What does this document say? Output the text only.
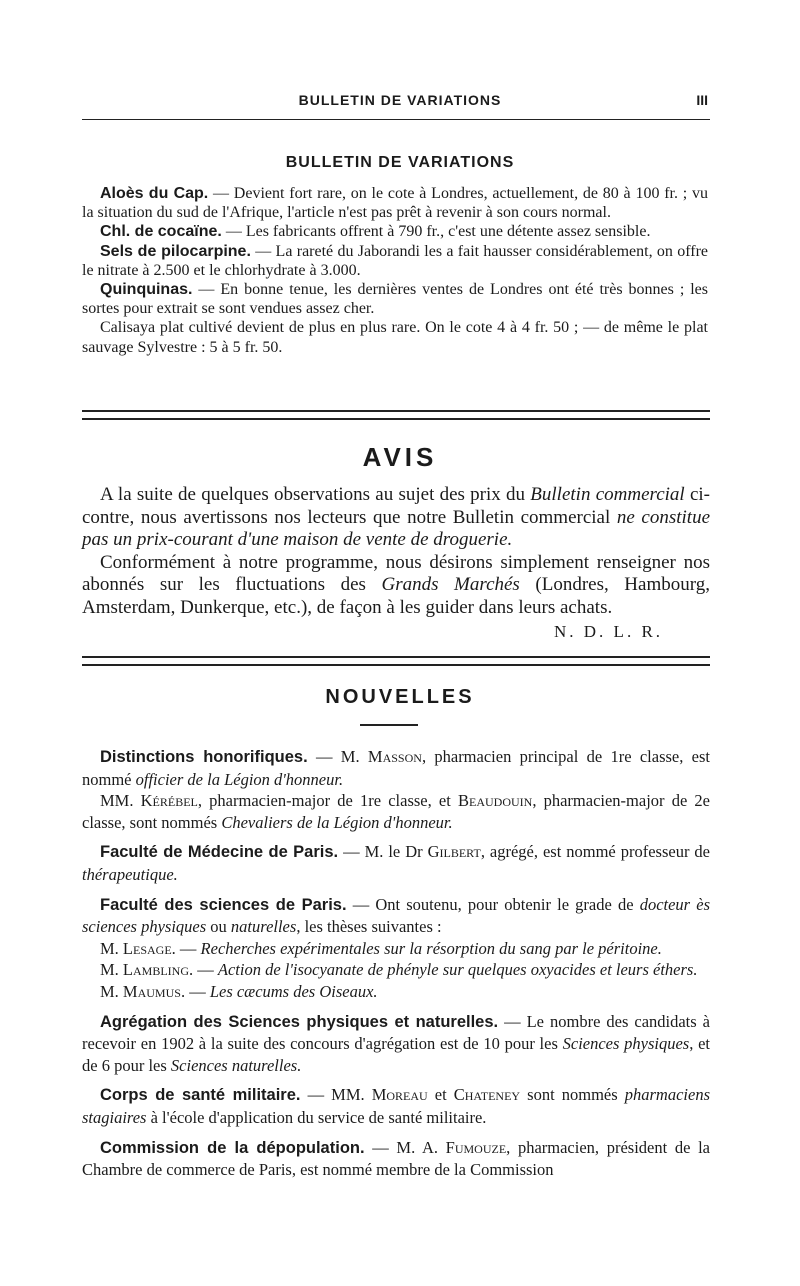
BULLETIN DE VARIATIONS	III
BULLETIN DE VARIATIONS

Aloès du Cap. — Devient fort rare, on le cote à Londres, actuellement, de 80 à 100 fr. ; vu la situation du sud de l'Afrique, l'article n'est pas prêt à revenir à son cours normal.

Chl. de cocaïne. — Les fabricants offrent à 790 fr., c'est une détente assez sensible.

Sels de pilocarpine. — La rareté du Jaborandi les a fait hausser considérablement, on offre le nitrate à 2.500 et le chlorhydrate à 3.000.

Quinquinas. — En bonne tenue, les dernières ventes de Londres ont été très bonnes ; les sortes pour extrait se sont vendues assez cher.

Calisaya plat cultivé devient de plus en plus rare. On le cote 4 à 4 fr. 50 ; — de même le plat sauvage Sylvestre : 5 à 5 fr. 50.

AVIS

A la suite de quelques observations au sujet des prix du Bulletin commercial ci-contre, nous avertissons nos lecteurs que notre Bulletin commercial ne constitue pas un prix-courant d'une maison de vente de droguerie.

Conformément à notre programme, nous désirons simplement renseigner nos abonnés sur les fluctuations des Grands Marchés (Londres, Hambourg, Amsterdam, Dunkerque, etc.), de façon à les guider dans leurs achats.

N. D. L. R.
NOUVELLES

Distinctions honorifiques. — M. Masson, pharmacien principal de 1re classe, est nommé officier de la Légion d'honneur.

MM. Kérébel, pharmacien-major de 1re classe, et Beaudouin, pharmacien-major de 2e classe, sont nommés Chevaliers de la Légion d'honneur.

Faculté de Médecine de Paris. — M. le Dr Gilbert, agrégé, est nommé professeur de thérapeutique.

Faculté des sciences de Paris. — Ont soutenu, pour obtenir le grade de docteur ès sciences physiques ou naturelles, les thèses suivantes :

M. Lesage. — Recherches expérimentales sur la résorption du sang par le péritoine.

M. Lambling. — Action de l'isocyanate de phényle sur quelques oxyacides et leurs éthers.

M. Maumus. — Les cæcums des Oiseaux.

Agrégation des Sciences physiques et naturelles. — Le nombre des candidats à recevoir en 1902 à la suite des concours d'agrégation est de 10 pour les Sciences physiques, et de 6 pour les Sciences naturelles.

Corps de santé militaire. — MM. Moreau et Chateney sont nommés pharmaciens stagiaires à l'école d'application du service de santé militaire.

Commission de la dépopulation. — M. A. Fumouze, pharmacien, président de la Chambre de commerce de Paris, est nommé membre de la Commission
